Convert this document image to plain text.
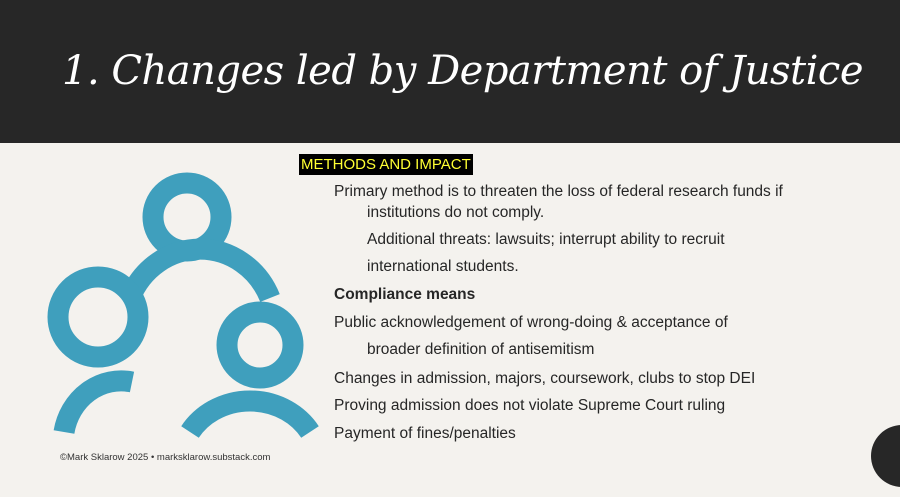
1. Changes led by Department of Justice
METHODS AND IMPACT
Primary method is to threaten the loss of federal research funds if
institutions do not comply.
Additional threats: lawsuits; interrupt ability to recruit
international students.
Compliance means
Public acknowledgement of wrong-doing & acceptance of
broader definition of antisemitism
Changes in admission, majors, coursework, clubs to stop DEI
Proving admission does not violate Supreme Court ruling
Payment of fines/penalties
©Mark Sklarow 2025 • marksklarow.substack.com
